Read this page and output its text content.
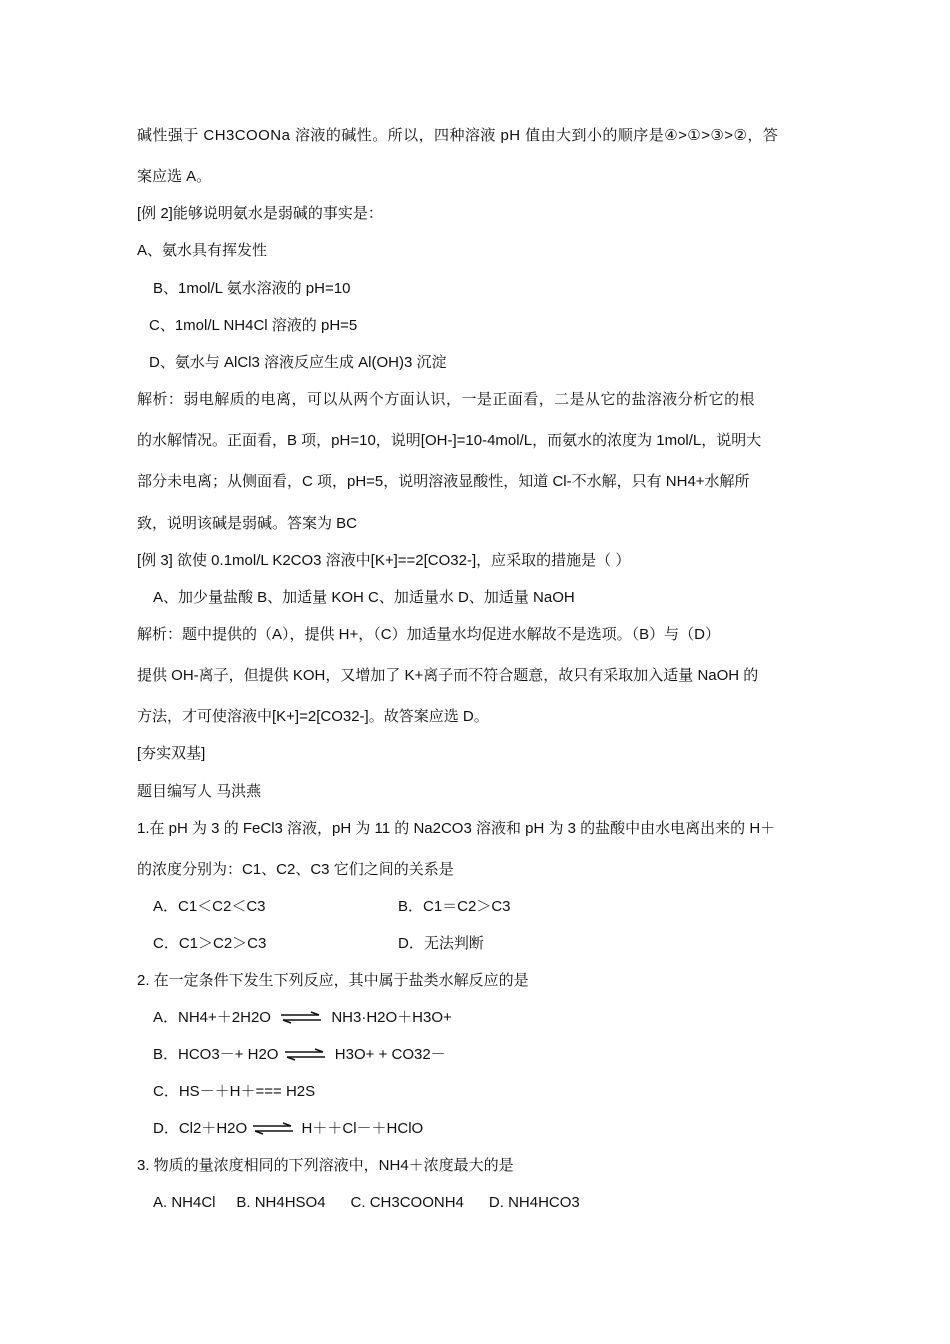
碱性强于 CH3COONa 溶液的碱性。所以，四种溶液 pH 值由大到小的顺序是④>①>③>②，答
案应选 A。
[例 2]能够说明氨水是弱碱的事实是：
A、氨水具有挥发性
B、1mol/L 氨水溶液的 pH=10
C、1mol/L NH4Cl 溶液的 pH=5
D、氨水与 AlCl3 溶液反应生成 Al(OH)3 沉淀
解析：弱电解质的电离，可以从两个方面认识，一是正面看，二是从它的盐溶液分析它的根
的水解情况。正面看，B 项，pH=10，说明[OH-]=10-4mol/L，而氨水的浓度为 1mol/L，说明大
部分未电离；从侧面看，C 项，pH=5，说明溶液显酸性，知道 Cl-不水解，只有 NH4+水解所
致，说明该碱是弱碱。答案为 BC
[例 3] 欲使 0.1mol/L K2CO3 溶液中[K+]==2[CO32-]，应采取的措施是（ ）
A、加少量盐酸 B、加适量 KOH C、加适量水 D、加适量 NaOH
解析：题中提供的（A），提供 H+，（C）加适量水均促进水解故不是选项。（B）与（D）
提供 OH-离子，但提供 KOH，又增加了 K+离子而不符合题意，故只有采取加入适量 NaOH 的
方法，才可使溶液中[K+]=2[CO32-]。故答案应选 D。
[夯实双基]
题目编写人 马洪燕
1.在 pH 为 3 的 FeCl3 溶液，pH 为 11 的 Na2CO3 溶液和 pH 为 3 的盐酸中由水电离出来的 H＋
的浓度分别为：C1、C2、C3 它们之间的关系是
A．C1＜C2＜C3	B．C1＝C2＞C3
C．C1＞C2＞C3	D．无法判断
2. 在一定条件下发生下列反应，其中属于盐类水解反应的是
A．NH4+＋2H2O ⇌ NH3·H2O＋H3O+
B．HCO3－+ H2O ⇌ H3O+ + CO32－
C．HS－＋H＋=== H2S
D．Cl2＋H2O ⇌ H＋＋Cl－＋HClO
3. 物质的量浓度相同的下列溶液中，NH4＋浓度最大的是
A. NH4Cl     B. NH4HSO4      C. CH3COONH4      D. NH4HCO3
